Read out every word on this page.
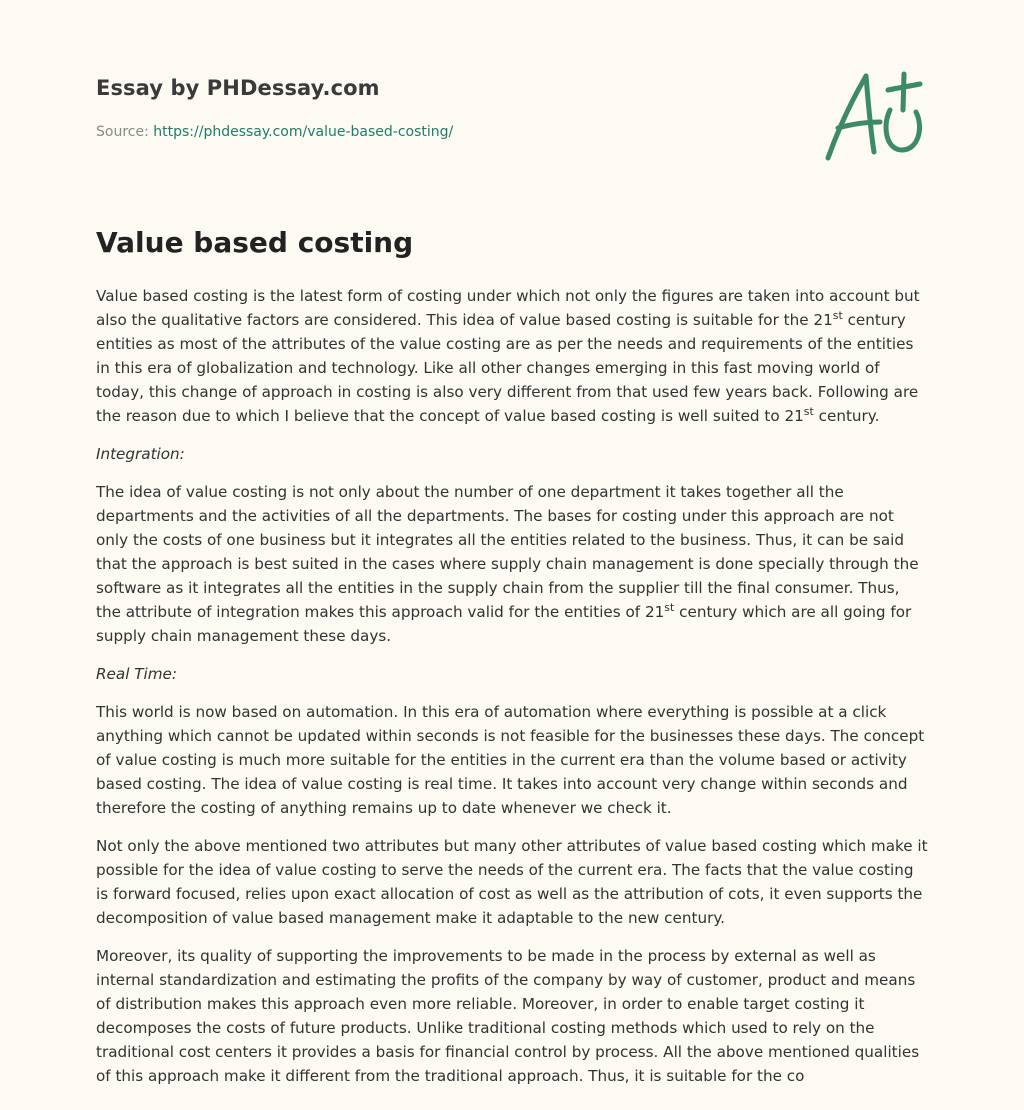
Essay by PHDessay.com
Source: https://phdessay.com/value-based-costing/
Value based costing

Value based costing is the latest form of costing under which not only the figures are taken into account but also the qualitative factors are considered. This idea of value based costing is suitable for the 21st century entities as most of the attributes of the value costing are as per the needs and requirements of the entities in this era of globalization and technology. Like all other changes emerging in this fast moving world of today, this change of approach in costing is also very different from that used few years back. Following are the reason due to which I believe that the concept of value based costing is well suited to 21st century.

Integration:

The idea of value costing is not only about the number of one department it takes together all the departments and the activities of all the departments. The bases for costing under this approach are not only the costs of one business but it integrates all the entities related to the business. Thus, it can be said that the approach is best suited in the cases where supply chain management is done specially through the software as it integrates all the entities in the supply chain from the supplier till the final consumer. Thus, the attribute of integration makes this approach valid for the entities of 21st century which are all going for supply chain management these days.

Real Time:

This world is now based on automation. In this era of automation where everything is possible at a click anything which cannot be updated within seconds is not feasible for the businesses these days. The concept of value costing is much more suitable for the entities in the current era than the volume based or activity based costing. The idea of value costing is real time. It takes into account very change within seconds and therefore the costing of anything remains up to date whenever we check it.

Not only the above mentioned two attributes but many other attributes of value based costing which make it possible for the idea of value costing to serve the needs of the current era. The facts that the value costing is forward focused, relies upon exact allocation of cost as well as the attribution of cots, it even supports the decomposition of value based management make it adaptable to the new century.

Moreover, its quality of supporting the improvements to be made in the process by external as well as internal standardization and estimating the profits of the company by way of customer, product and means of distribution makes this approach even more reliable. Moreover, in order to enable target costing it decomposes the costs of future products. Unlike traditional costing methods which used to rely on the traditional cost centers it provides a basis for financial control by process. All the above mentioned qualities of this approach make it different from the traditional approach. Thus, it is suitable for the co
